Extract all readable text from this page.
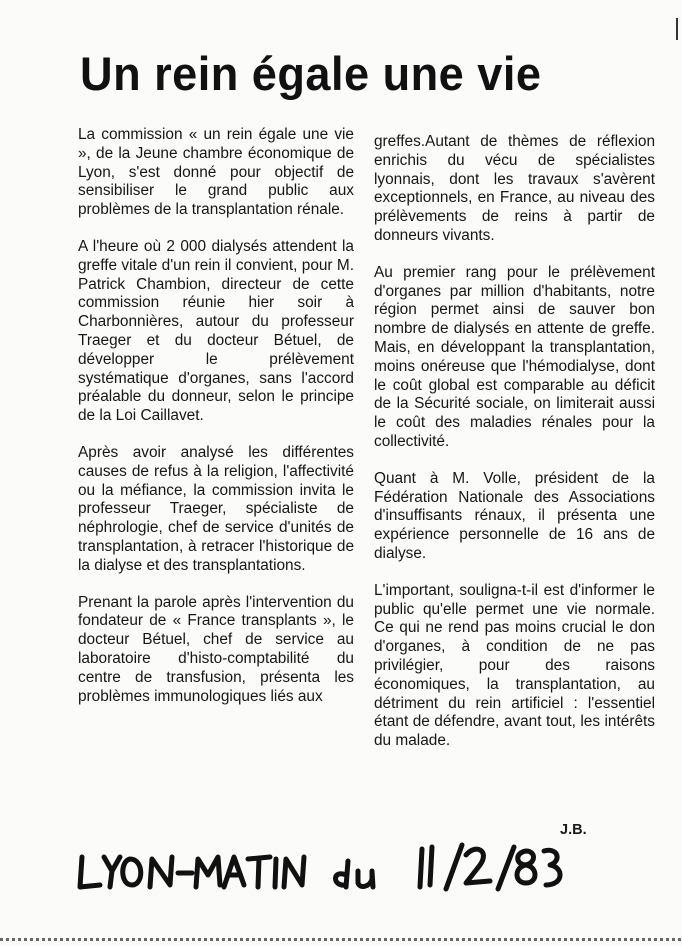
Un rein égale une vie

La commission « un rein égale une vie », de la Jeune chambre économique de Lyon, s'est donné pour objectif de sensibiliser le grand public aux problèmes de la transplantation rénale.

A l'heure où 2 000 dialysés attendent la greffe vitale d'un rein il convient, pour M. Patrick Chambion, directeur de cette commission réunie hier soir à Charbonnières, autour du professeur Traeger et du docteur Bétuel, de développer le prélèvement systématique d'organes, sans l'accord préalable du donneur, selon le principe de la Loi Caillavet.

Après avoir analysé les différentes causes de refus à la religion, l'affectivité ou la méfiance, la commission invita le professeur Traeger, spécialiste de néphrologie, chef de service d'unités de transplantation, à retracer l'historique de la dialyse et des transplantations.

Prenant la parole après l'intervention du fondateur de « France transplants », le docteur Bétuel, chef de service au laboratoire d'histo-comptabilité du centre de transfusion, présenta les problèmes immunologiques liés aux

greffes.Autant de thèmes de réflexion enrichis du vécu de spécialistes lyonnais, dont les travaux s'avèrent exceptionnels, en France, au niveau des prélèvements de reins à partir de donneurs vivants.

Au premier rang pour le prélèvement d'organes par million d'habitants, notre région permet ainsi de sauver bon nombre de dialysés en attente de greffe. Mais, en développant la transplantation, moins onéreuse que l'hémodialyse, dont le coût global est comparable au déficit de la Sécurité sociale, on limiterait aussi le coût des maladies rénales pour la collectivité.

Quant à M. Volle, président de la Fédération Nationale des Associations d'insuffisants rénaux, il présenta une expérience personnelle de 16 ans de dialyse.

L'important, souligna-t-il est d'informer le public qu'elle permet une vie normale. Ce qui ne rend pas moins crucial le don d'organes, à condition de ne pas privilégier, pour des raisons économiques, la transplantation, au détriment du rein artificiel : l'essentiel étant de défendre, avant tout, les intérêts du malade.

J.B.
